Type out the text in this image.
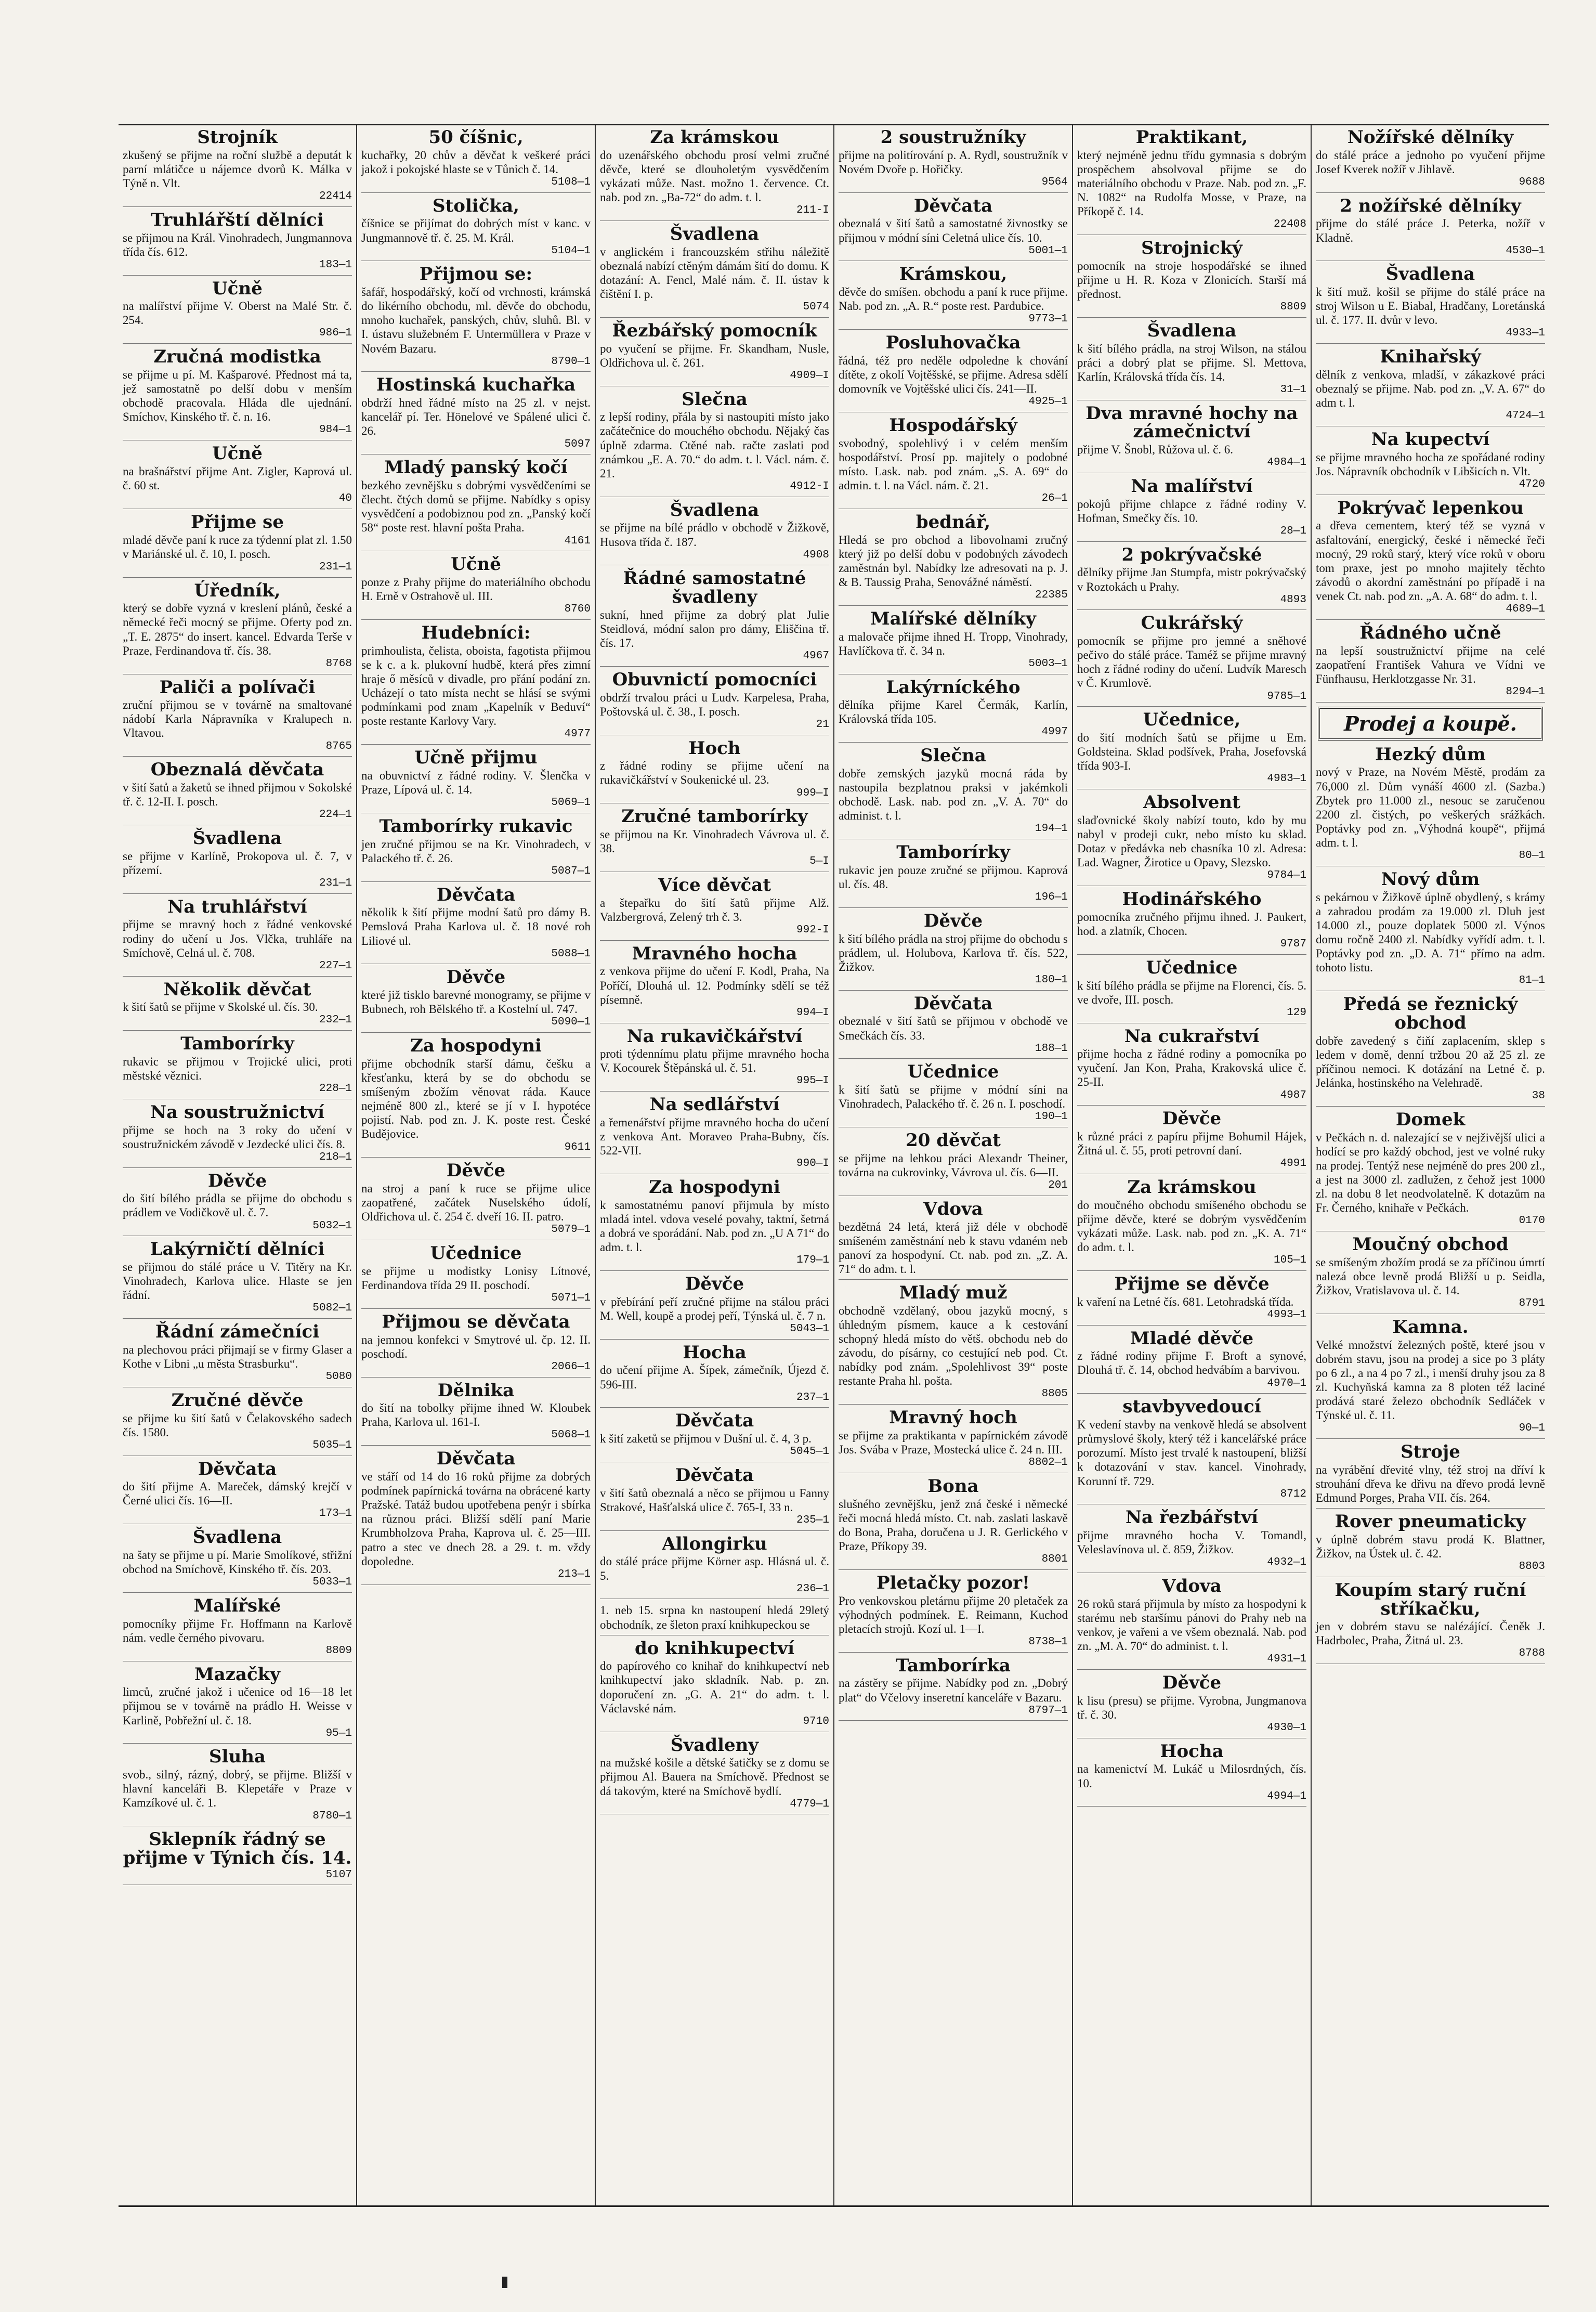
Strojník

zkušený se přijme na roční službě a deputát k parní mlátičce u nájemce dvorů K. Málka v Týně n. Vlt.

22414

Truhlářští dělníci

se přijmou na Král. Vinohradech, Jungmannova třída čís. 612.

183—1

Učně

na malířství přijme V. Oberst na Malé Str. č. 254.

986—1

Zručná modistka

se přijme u pí. M. Kašparové. Přednost má ta, jež samostatně po delší dobu v menším obchodě pracovala. Hláda dle ujednání. Smíchov, Kinského tř. č. n. 16.

984—1

Učně

na brašnářství přijme Ant. Zigler, Kaprová ul. č. 60 st.

40

Přijme se

mladé děvče paní k ruce za týdenní plat zl. 1.50 v Mariánské ul. č. 10, I. posch.

231—1

Úředník,

který se dobře vyzná v kreslení plánů, české a německé řeči mocný se přijme. Oferty pod zn. „T. E. 2875“ do insert. kancel. Edvarda Terše v Praze, Ferdinandova tř. čís. 38.

8768

Paliči a polívači

zruční přijmou se v továrně na smaltované nádobí Karla Nápravníka v Kralupech n. Vltavou.

8765

Obeznalá děvčata

v šití šatů a žaketů se ihned přijmou v Sokolské tř. č. 12-II. I. posch.

224—1

Švadlena

se přijme v Karlíně, Prokopova ul. č. 7, v přízemí.

231—1

Na truhlářství

přijme se mravný hoch z řádné venkovské rodiny do učení u Jos. Vlčka, truhláře na Smíchově, Celná ul. č. 708.

227—1

Několik děvčat

k šití šatů se přijme v Skolské ul. čís. 30.

232—1

Tamborírky

rukavic se přijmou v Trojické ulici, proti městské věznici.

228—1

Na soustružnictví

přijme se hoch na 3 roky do učení v soustružnickém závodě v Jezdecké ulici čís. 8.

218—1

Děvče

do šití bílého prádla se přijme do obchodu s prádlem ve Vodičkově ul. č. 7.

5032—1

Lakýrničtí dělníci

se přijmou do stálé práce u V. Titěry na Kr. Vinohradech, Karlova ulice. Hlaste se jen řádní.

5082—1

Řádní zámečníci

na plechovou práci přijmají se v firmy Glaser a Kothe v Libni „u města Strasburku“.

5080

Zručné děvče

se přijme ku šití šatů v Čelakovského sadech čís. 1580.

5035—1

Děvčata

do šití přijme A. Mareček, dámský krejčí v Černé ulici čís. 16—II.

173—1

Švadlena

na šaty se přijme u pí. Marie Smolíkové, střižní obchod na Smíchově, Kinského tř. čís. 203.

5033—1

Malířské

pomocníky přijme Fr. Hoffmann na Karlově nám. vedle černého pivovaru.

8809

Mazačky

limců, zručné jakož i učenice od 16—18 let přijmou se v továrně na prádlo H. Weisse v Karlině, Pobřežní ul. č. 18.

95—1

Sluha

svob., silný, rázný, dobrý, se přijme. Bližší v hlavní kanceláři B. Klepetáře v Praze v Kamzíkové ul. č. 1.

8780—1

Sklepník řádný se přijme v Týnich čís. 14.

5107

50 číšnic,

kuchařky, 20 chův a děvčat k veškeré práci jakož i pokojské hlaste se v Tůnich č. 14.

5108—1

Stolička,

číšnice se přijímat do dobrých míst v kanc. v Jungmannově tř. č. 25. M. Král.

5104—1

Přijmou se:

šafář, hospodářský, kočí od vrchnosti, krámská do likérního obchodu, ml. děvče do obchodu, mnoho kuchařek, panských, chův, sluhů. Bl. v I. ústavu služebném F. Untermüllera v Praze v Novém Bazaru.

8790—1

Hostinská kuchařka

obdrží hned řádné místo na 25 zl. v nejst. kancelář pí. Ter. Hönelové ve Spálené ulici č. 26.

5097

Mladý panský kočí

bezkého zevnějšku s dobrými vysvědčeními se člecht. čtých domů se přijme. Nabídky s opisy vysvědčení a podobiznou pod zn. „Panský kočí 58“ poste rest. hlavní pošta Praha.

4161

Učně

ponze z Prahy přijme do materiálního obchodu H. Erně v Ostrahově ul. III.

8760

Hudebníci:

primhoulista, čelista, oboista, fagotista přijmou se k c. a k. plukovní hudbě, která přes zimní hraje ő měsíců v divadle, pro přání podání zn. Ucházejí o tato místa necht se hlásí se svými podmínkami pod znam „Kapelník v Beduví“ poste restante Karlovy Vary.

4977

Učně přijmu

na obuvnictví z řádné rodiny. V. Šlenčka v Praze, Lípová ul. č. 14.

5069—1

Tamborírky rukavic

jen zručné přijmou se na Kr. Vinohradech, v Palackého tř. č. 26.

5087—1

Děvčata

několik k šití přijme modní šatů pro dámy B. Pemslová Praha Karlova ul. č. 18 nové roh Liliové ul.

5088—1

Děvče

které již tisklo barevné monogramy, se přijme v Bubnech, roh Bělského tř. a Kostelní ul. 747.

5090—1

Za hospodyni

přijme obchodník starší dámu, češku a křesťanku, která by se do obchodu se smíšeným zbožím věnovat ráda. Kauce nejméně 800 zl., které se jí v I. hypotéce pojistí. Nab. pod zn. J. K. poste rest. České Budějovice.

9611

Děvče

na stroj a paní k ruce se přijme ulice zaopatřené, začátek Nuselského údolí, Oldřichova ul. č. 254 č. dveří 16. II. patro.

5079—1

Učednice

se přijme u modistky Lonisy Lítnové, Ferdinandova třída 29 II. poschodí.

5071—1

Přijmou se děvčata

na jemnou konfekci v Smytrové ul. čp. 12. II. poschodí.

2066—1

Dělnika

do šití na tobolky přijme ihned W. Kloubek Praha, Karlova ul. 161-I.

5068—1

Děvčata

ve stáří od 14 do 16 roků přijme za dobrých podmínek papírnická továrna na obrácené karty Pražské. Tatáž budou upotřebena penýr i sbírka na různou práci. Bližší sdělí paní Marie Krumbholzova Praha, Kaprova ul. č. 25—III. patro a stec ve dnech 28. a 29. t. m. vždy dopoledne.

213—1

Za krámskou

do uzenářského obchodu prosí velmi zručné děvče, které se dlouholetým vysvědčením vykázati může. Nast. možno 1. července. Ct. nab. pod zn. „Ba-72“ do adm. t. l.

211-I

Švadlena

v anglickém i francouzském střihu náležitě obeznalá nabízí ctěným dámám šití do domu. K dotazání: A. Fencl, Malé nám. č. II. ústav k čištění I. p.

5074

Řezbářský pomocník

po vyučení se přijme. Fr. Skandham, Nusle, Oldřichova ul. č. 261.

4909—I

Slečna

z lepší rodiny, přála by si nastoupiti místo jako začátečnice do mouchého obchodu. Nějaký čas úplně zdarma. Ctěné nab. račte zaslati pod známkou „E. A. 70.“ do adm. t. l. Václ. nám. č. 21.

4912-I

Švadlena

se přijme na bílé prádlo v obchodě v Žižkově, Husova třída č. 187.

4908

Řádné samostatné švadleny

sukní, hned přijme za dobrý plat Julie Steidlová, módní salon pro dámy, Eliščina tř. čís. 17.

4967

Obuvnictí pomocníci

obdrží trvalou práci u Ludv. Karpelesa, Praha, Poštovská ul. č. 38., I. posch.

21

Hoch

z řádné rodiny se přijme učení na rukavičkářství v Soukenické ul. 23.

999—I

Zručné tamborírky

se přijmou na Kr. Vinohradech Vávrova ul. č. 38.

5—I

Více děvčat

a štepařku do šití šatů přijme Alž. Valzbergrová, Zelený trh č. 3.

992-I

Mravného hocha

z venkova přijme do učení F. Kodl, Praha, Na Poříčí, Dlouhá ul. 12. Podmínky sdělí se též písemně.

994—I

Na rukavičkářství

proti týdennímu platu přijme mravného hocha V. Kocourek Štěpánská ul. č. 51.

995—I

Na sedlářství

a řemenářství přijme mravného hocha do učení z venkova Ant. Moraveo Praha-Bubny, čís. 522-VII.

990—I

Za hospodyni

k samostatnému panoví přijmula by místo mladá intel. vdova veselé povahy, taktní, šetrná a dobrá ve sporádání. Nab. pod zn. „U A 71“ do adm. t. l.

179—1

Děvče

v přebírání peří zručné přijme na stálou práci M. Well, koupě a prodej peří, Týnská ul. č. 7 n.

5043—1

Hocha

do učení přijme A. Šípek, zámečník, Újezd č. 596-III.

237—1

Děvčata

k šití zaketů se přijmou v Dušní ul. č. 4, 3 p.

5045—1

Děvčata

v šití šatů obeznalá a něco se přijmou u Fanny Strakové, Hašťalská ulice č. 765-I, 33 n.

235—1

Allongirku

do stálé práce přijme Körner asp. Hlásná ul. č. 5.

236—1

1. neb 15. srpna kn nastoupení hledá 29letý obchodník, ze šleton praxí knihkupeckou se

do knihkupectví

do papírového co knihař do knihkupectví neb knihkupectví jako skladník. Nab. p. zn. doporučení zn. „G. A. 21“ do adm. t. l. Václavské nám.

9710

Švadleny

na mužské košile a dětské šatičky se z domu se přijmou Al. Bauera na Smíchově. Přednost se dá takovým, které na Smíchově bydlí.

4779—1

2 soustružníky

přijme na politírování p. A. Rydl, soustružník v Novém Dvoře p. Hořičky.

9564

Děvčata

obeznalá v šití šatů a samostatné živnostky se přijmou v módní síni Celetná ulice čís. 10.

5001—1

Krámskou,

děvče do smíšen. obchodu a paní k ruce přijme. Nab. pod zn. „A. R.“ poste rest. Pardubice.

9773—1

Posluhovačka

řádná, též pro neděle odpoledne k chování dítěte, z okolí Vojtěšské, se přijme. Adresa sdělí domovník ve Vojtěšské ulici čís. 241—II.

4925—1

Hospodářský

svobodný, spolehlivý i v celém menším hospodářství. Prosí pp. majitely o podobné místo. Lask. nab. pod znám. „S. A. 69“ do admin. t. l. na Václ. nám. č. 21.

26—1

bednář,

Hledá se pro obchod a libovolnami zručný který již po delší dobu v podobných závodech zaměstnán byl. Nabídky lze adresovati na p. J. & B. Taussig Praha, Senovážné náměstí.

22385

Malířské dělníky

a malovače přijme ihned H. Tropp, Vinohrady, Havlíčkova tř. č. 34 n.

5003—1

Lakýrníckého

dělníka přijme Karel Čermák, Karlín, Královská třída 105.

4997

Slečna

dobře zemských jazyků mocná ráda by nastoupila bezplatnou praksi v jakémkoli obchodě. Lask. nab. pod zn. „V. A. 70“ do administ. t. l.

194—1

Tamborírky

rukavic jen pouze zručné se přijmou. Kaprová ul. čís. 48.

196—1

Děvče

k šití bílého prádla na stroj přijme do obchodu s prádlem, ul. Holubova, Karlova tř. čís. 522, Žižkov.

180—1

Děvčata

obeznalé v šití šatů se přijmou v obchodě ve Smečkách čís. 33.

188—1

Učednice

k šití šatů se přijme v módní síni na Vinohradech, Palackého tř. č. 26 n. I. poschodí.

190—1

20 děvčat

se přijme na lehkou práci Alexandr Theiner, továrna na cukrovinky, Vávrova ul. čís. 6—II.

201

Vdova

bezdětná 24 letá, která již déle v obchodě smíšeném zaměstnání neb k stavu vdaném neb panoví za hospodyní. Ct. nab. pod zn. „Z. A. 71“ do adm. t. l.

Mladý muž

obchodně vzdělaný, obou jazyků mocný, s úhledným písmem, kauce a k cestování schopný hledá místo do větš. obchodu neb do závodu, do písárny, co cestující neb pod. Ct. nabídky pod znám. „Spolehlivost 39“ poste restante Praha hl. pošta.

8805

Mravný hoch

se přijme za praktikanta v papírnickém závodě Jos. Svába v Praze, Mostecká ulice č. 24 n. III.

8802—1

Bona

slušného zevnějšku, jenž zná české i německé řeči mocná hledá místo. Ct. nab. zaslati laskavě do Bona, Praha, doručena u J. R. Gerlického v Praze, Příkopy 39.

8801

Pletačky pozor!

Pro venkovskou pletárnu přijme 20 pletaček za výhodných podmínek. E. Reimann, Kuchod pletacích strojů. Kozí ul. 1—I.

8738—1

Tamborírka

na zástěry se přijme. Nabídky pod zn. „Dobrý plat“ do Včelovy inseretní kanceláře v Bazaru.

8797—1

Praktikant,

který nejméně jednu třídu gymnasia s dobrým prospěchem absolvoval přijme se do materiálního obchodu v Praze. Nab. pod zn. „F. N. 1082“ na Rudolfa Mosse, v Praze, na Příkopě č. 14.

22408

Strojnický

pomocník na stroje hospodářské se ihned přijme u H. R. Koza v Zlonicích. Starší má přednost.

8809

Švadlena

k šití bílého prádla, na stroj Wilson, na stálou práci a dobrý plat se přijme. Sl. Mettova, Karlín, Královská třída čís. 14.

31—1

Dva mravné hochy na zámečnictví

přijme V. Šnobl, Růžova ul. č. 6.

4984—1

Na malířství

pokojů přijme chlapce z řádné rodiny V. Hofman, Smečky čís. 10.

28—1

2 pokrývačské

dělníky přijme Jan Stumpfa, mistr pokrývačský v Roztokách u Prahy.

4893

Cukrářský

pomocník se přijme pro jemné a sněhové pečivo do stálé práce. Taméž se přijme mravný hoch z řádné rodiny do učení. Ludvík Maresch v Č. Krumlově.

9785—1

Učednice,

do šití modních šatů se přijme u Em. Goldsteina. Sklad podšívek, Praha, Josefovská třída 903-I.

4983—1

Absolvent

slaďovnické školy nabízí touto, kdo by mu nabyl v prodeji cukr, nebo místo ku sklad. Dotaz v předávka neb chasníka 10 zl. Adresa: Lad. Wagner, Žirotice u Opavy, Slezsko.

9784—1

Hodinářského

pomocníka zručného přijmu ihned. J. Paukert, hod. a zlatník, Chocen.

9787

Učednice

k šití bílého prádla se přijme na Florenci, čís. 5. ve dvoře, III. posch.

129

Na cukrařství

přijme hocha z řádné rodiny a pomocníka po vyučení. Jan Kon, Praha, Krakovská ulice č. 25-II.

4987

Děvče

k různé práci z papíru přijme Bohumil Hájek, Žitná ul. č. 55, proti petrovní daní.

4991

Za krámskou

do moučného obchodu smíšeného obchodu se přijme děvče, které se dobrým vysvědčením vykázati může. Lask. nab. pod zn. „K. A. 71“ do adm. t. l.

105—1

Přijme se děvče

k vaření na Letné čís. 681. Letohradská třída.

4993—1

Mladé děvče

z řádné rodiny přijme F. Broft a synové, Dlouhá tř. č. 14, obchod hedvábím a barvivou.

4970—1

stavbyvedoucí

K vedení stavby na venkově hledá se absolvent průmyslové školy, který též i kancelářské práce porozumí. Místo jest trvalé k nastoupení, bližší k dotazování v stav. kancel. Vinohrady, Korunní tř. 729.

8712

Na řezbářství

přijme mravného hocha V. Tomandl, Veleslavínova ul. č. 859, Žižkov.

4932—1

Vdova

26 roků stará přijmula by místo za hospodyni k starému neb staršímu pánovi do Prahy neb na venkov, je vařeni a ve všem obeznalá. Nab. pod zn. „M. A. 70“ do administ. t. l.

4931—1

Děvče

k lisu (presu) se přijme. Vyrobna, Jungmanova tř. č. 30.

4930—1

Hocha

na kamenictví M. Lukáč u Milosrdných, čís. 10.

4994—1

Nožířské dělníky

do stálé práce a jednoho po vyučení přijme Josef Kverek nožíř v Jihlavě.

9688

2 nožířské dělníky

přijme do stálé práce J. Peterka, nožíř v Kladně.

4530—1

Švadlena

k šití muž. košil se přijme do stálé práce na stroj Wilson u E. Biabal, Hradčany, Loretánská ul. č. 177. II. dvůr v levo.

4933—1

Knihařský

dělník z venkova, mladší, v zákazkové práci obeznalý se přijme. Nab. pod zn. „V. A. 67“ do adm t. l.

4724—1

Na kupectví

se přijme mravného hocha ze spořádané rodiny Jos. Nápravník obchodník v Libšicích n. Vlt.

4720

Pokrývač lepenkou

a dřeva cementem, který též se vyzná v asfaltování, energický, české i německé řeči mocný, 29 roků starý, který více roků v oboru tom praxe, jest po mnoho majitely těchto závodů o akordní zaměstnání po případě i na venek Ct. nab. pod zn. „A. A. 68“ do adm. t. l.

4689—1

Řádného učně

na lepší soustružnictví přijme na celé zaopatření František Vahura ve Vídni ve Fünfhausu, Herklotzgasse Nr. 31.

8294—1

Prodej a koupě.
Hezký dům

nový v Praze, na Novém Městě, prodám za 76,000 zl. Dům vynáší 4600 zl. (Sazba.) Zbytek pro 11.000 zl., nesouc se zaručenou 2200 zl. čistých, po veškerých srážkách. Poptávky pod zn. „Výhodná koupě“, přijmá adm. t. l.

80—1

Nový dům

s pekárnou v Žižkově úplně obydlený, s krámy a zahradou prodám za 19.000 zl. Dluh jest 14.000 zl., pouze doplatek 5000 zl. Výnos domu ročně 2400 zl. Nabídky vyřídí adm. t. l. Poptávky pod zn. „D. A. 71“ přímo na adm. tohoto listu.

81—1

Předá se řeznický obchod

dobře zavedený s čiňí zaplacením, sklep s ledem v domě, denní tržbou 20 až 25 zl. ze příčinou nemoci. K dotázání na Letné č. p. Jelánka, hostinského na Velehradě.

38

Domek

v Pečkách n. d. nalezající se v nejživější ulici a hodící se pro každý obchod, jest ve volné ruky na prodej. Tentýž nese nejméně do pres 200 zl., a jest na 3000 zl. zadlužen, z čehož jest 1000 zl. na dobu 8 let neodvolatelně. K dotazům na Fr. Černého, knihaře v Pečkách.

0170

Moučný obchod

se smíšeným zbožím prodá se za příčinou úmrtí nalezá obce levně prodá Bližší u p. Seidla, Žižkov, Vratislavova ul. č. 14.

8791

Kamna.

Velké množství železných poště, které jsou v dobrém stavu, jsou na prodej a sice po 3 pláty po 6 zl., a na 4 po 7 zl., i menší druhy jsou za 8 zl. Kuchyňská kamna za 8 ploten též laciné prodává staré železo obchodník Sedláček v Týnské ul. č. 11.

90—1

Stroje

na vyrábění dřevité vlny, též stroj na dříví k strouhání dřeva ke dřivu na dřevo prodá levně Edmund Porges, Praha VII. čís. 264.

Rover pneumaticky

v úplně dobrém stavu prodá K. Blattner, Žižkov, na Ústek ul. č. 42.

8803

Koupím starý ruční stříkačku,

jen v dobrém stavu se nalézájící. Čeněk J. Hadrbolec, Praha, Žitná ul. 23.

8788
